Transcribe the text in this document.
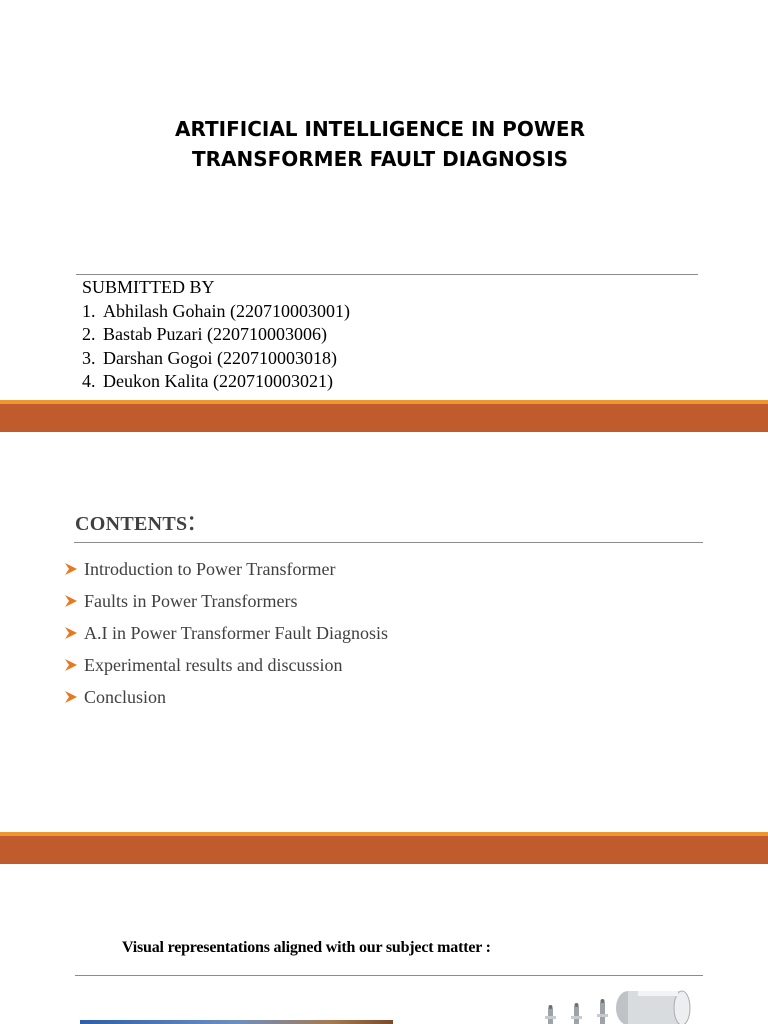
ARTIFICIAL INTELLIGENCE IN POWER
TRANSFORMER FAULT DIAGNOSIS
SUBMITTED BY
1. Abhilash Gohain (220710003001)
2. Bastab Puzari (220710003006)
3. Darshan Gogoi (220710003018)
4. Deukon Kalita (220710003021)
CONTENTS:
Introduction to Power Transformer
Faults in Power Transformers
A.I in Power Transformer Fault Diagnosis
Experimental results and discussion
Conclusion
Visual representations aligned with our subject matter :
